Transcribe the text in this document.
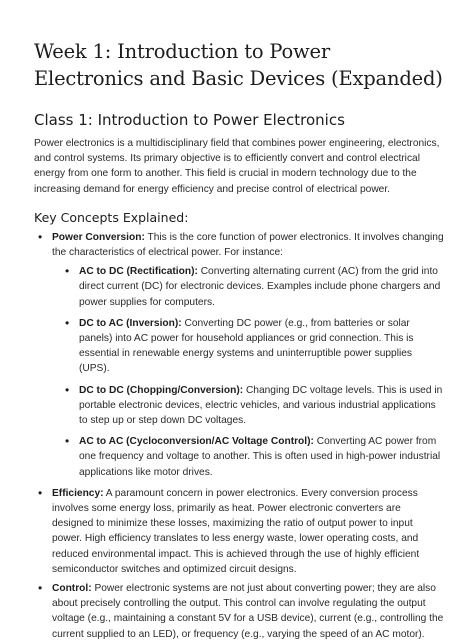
Week 1: Introduction to Power Electronics and Basic Devices (Expanded)
Class 1: Introduction to Power Electronics

Power electronics is a multidisciplinary field that combines power engineering, electronics, and control systems. Its primary objective is to efficiently convert and control electrical energy from one form to another. This field is crucial in modern technology due to the increasing demand for energy efficiency and precise control of electrical power.

Key Concepts Explained:
• Power Conversion: This is the core function of power electronics. It involves changing the characteristics of electrical power. For instance:
• AC to DC (Rectification): Converting alternating current (AC) from the grid into direct current (DC) for electronic devices. Examples include phone chargers and power supplies for computers.
• DC to AC (Inversion): Converting DC power (e.g., from batteries or solar panels) into AC power for household appliances or grid connection. This is essential in renewable energy systems and uninterruptible power supplies (UPS).
• DC to DC (Chopping/Conversion): Changing DC voltage levels. This is used in portable electronic devices, electric vehicles, and various industrial applications to step up or step down DC voltages.
• AC to AC (Cycloconversion/AC Voltage Control): Converting AC power from one frequency and voltage to another. This is often used in high-power industrial applications like motor drives.
• Efficiency: A paramount concern in power electronics. Every conversion process involves some energy loss, primarily as heat. Power electronic converters are designed to minimize these losses, maximizing the ratio of output power to input power. High efficiency translates to less energy waste, lower operating costs, and reduced environmental impact. This is achieved through the use of highly efficient semiconductor switches and optimized circuit designs.
• Control: Power electronic systems are not just about converting power; they are also about precisely controlling the output. This control can involve regulating the output voltage (e.g., maintaining a constant 5V for a USB device), current (e.g., controlling the current supplied to an LED), or frequency (e.g., varying the speed of an AC motor).
